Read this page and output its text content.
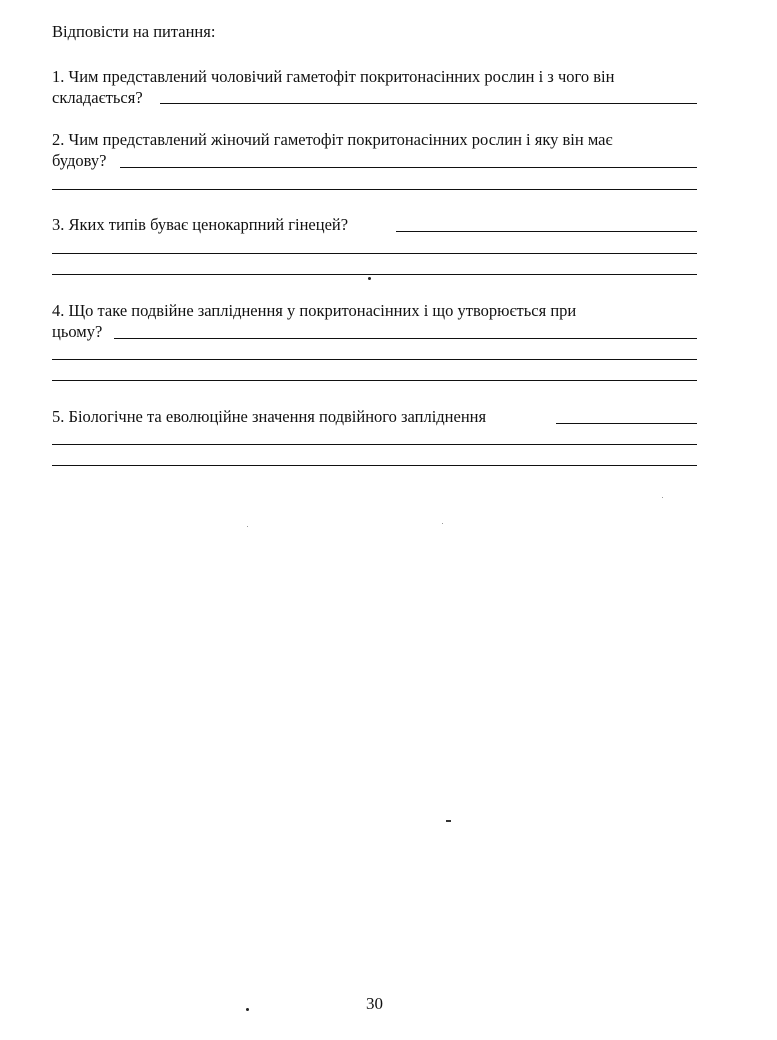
Відповісти на питання:
1. Чим представлений чоловічий гаметофіт покритонасінних рослин і з чого він
складається?
2. Чим представлений жіночий гаметофіт покритонасінних рослин і яку він має
будову?
3. Яких типів буває ценокарпний гінецей?
4. Що таке подвійне запліднення у покритонасінних і що утворюється при
цьому?
5. Біологічне та еволюційне значення подвійного запліднення
30
